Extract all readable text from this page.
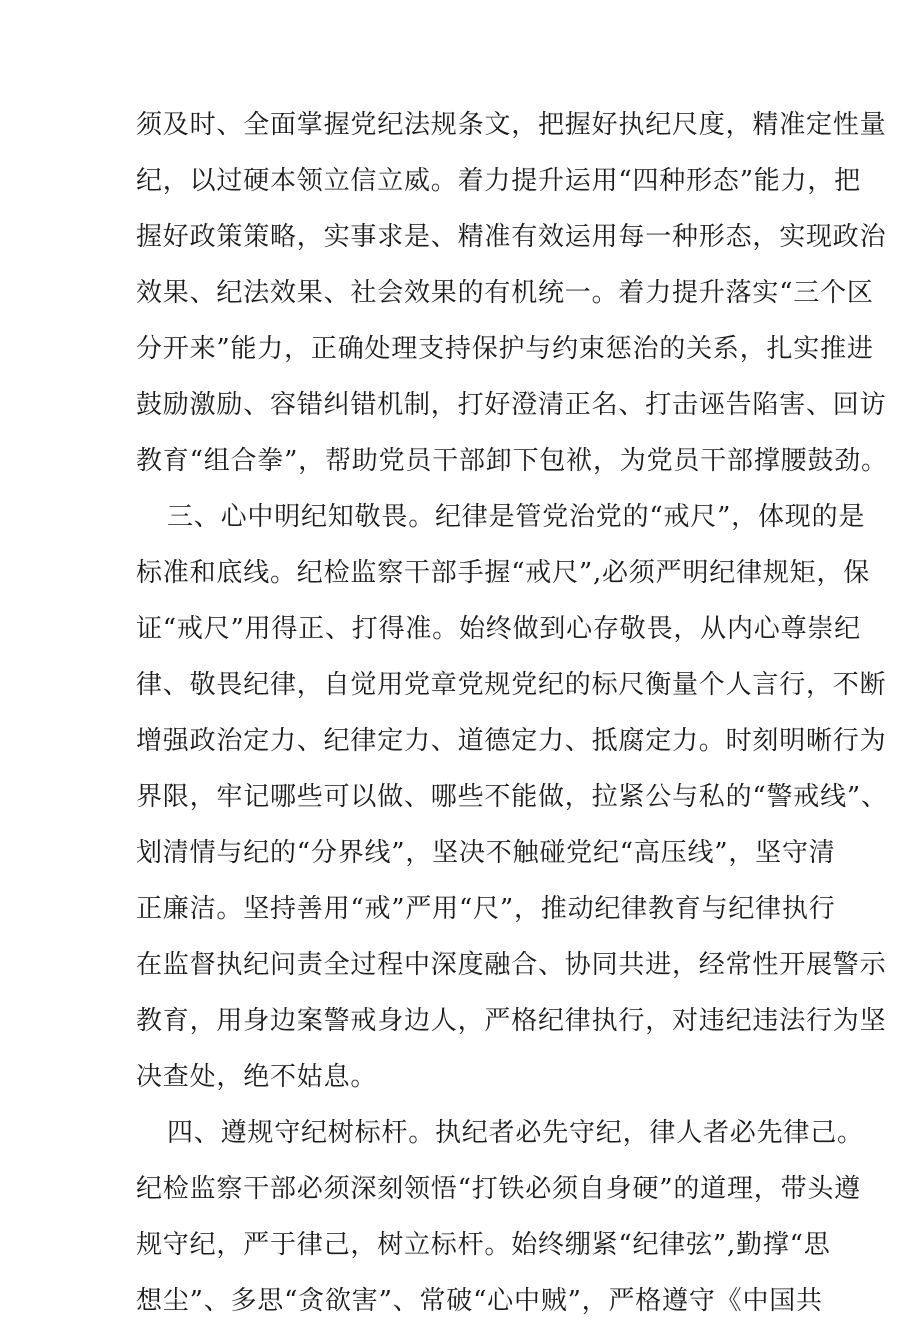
须及时、全面掌握党纪法规条文，把握好执纪尺度，精准定性量
纪，以过硬本领立信立威。着力提升运用“四种形态”能力，把
握好政策策略，实事求是、精准有效运用每一种形态，实现政治
效果、纪法效果、社会效果的有机统一。着力提升落实“三个区
分开来”能力，正确处理支持保护与约束惩治的关系，扎实推进
鼓励激励、容错纠错机制，打好澄清正名、打击诬告陷害、回访
教育“组合拳”，帮助党员干部卸下包袱，为党员干部撑腰鼓劲。
三、心中明纪知敬畏。纪律是管党治党的“戒尺”，体现的是
标准和底线。纪检监察干部手握“戒尺”,必须严明纪律规矩，保
证“戒尺”用得正、打得准。始终做到心存敬畏，从内心尊崇纪
律、敬畏纪律，自觉用党章党规党纪的标尺衡量个人言行，不断
增强政治定力、纪律定力、道德定力、抵腐定力。时刻明晰行为
界限，牢记哪些可以做、哪些不能做，拉紧公与私的“警戒线”、
划清情与纪的“分界线”，坚决不触碰党纪“高压线”，坚守清
正廉洁。坚持善用“戒”严用“尺”，推动纪律教育与纪律执行
在监督执纪问责全过程中深度融合、协同共进，经常性开展警示
教育，用身边案警戒身边人，严格纪律执行，对违纪违法行为坚
决查处，绝不姑息。
四、遵规守纪树标杆。执纪者必先守纪，律人者必先律己。
纪检监察干部必须深刻领悟“打铁必须自身硬”的道理，带头遵
规守纪，严于律己，树立标杆。始终绷紧“纪律弦”,勤撑“思
想尘”、多思“贪欲害”、常破“心中贼”，严格遵守《中国共
